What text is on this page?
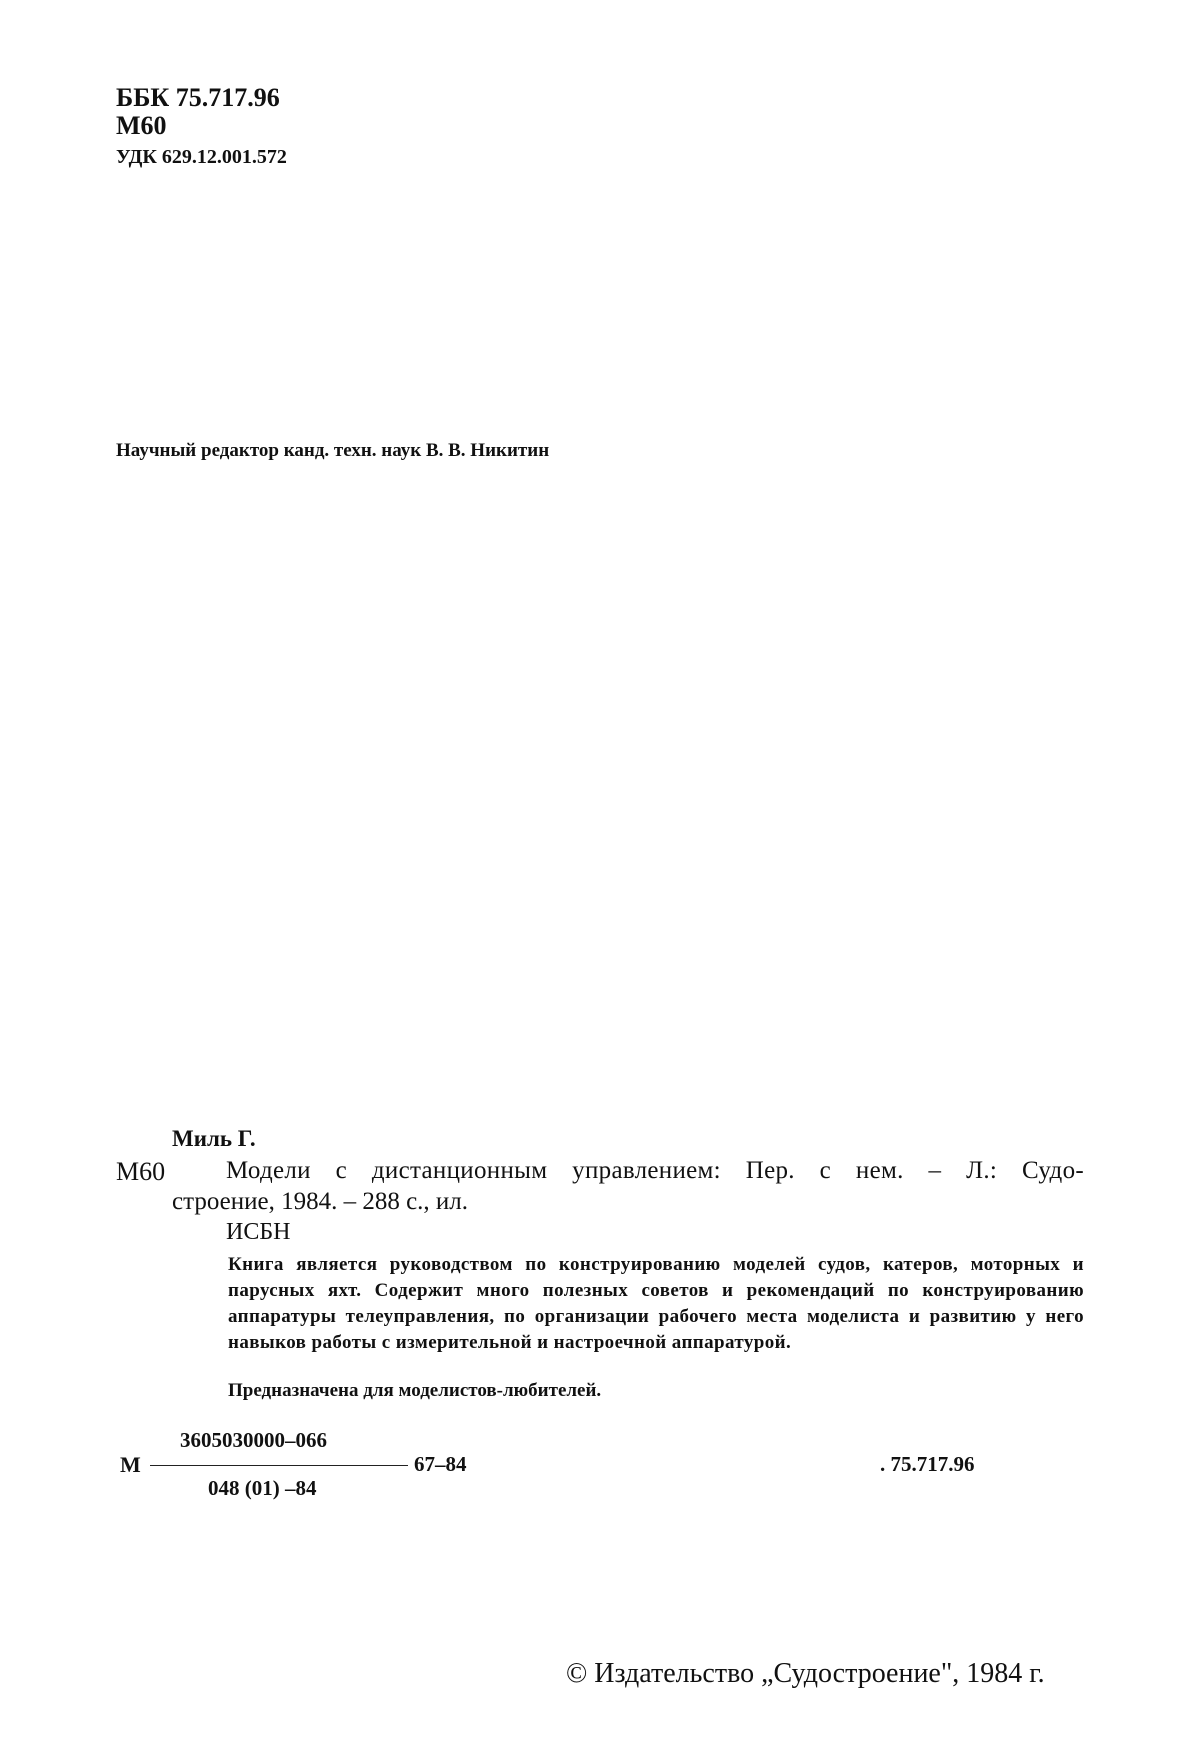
ББК 75.717.96
М60
УДК 629.12.001.572
Научный редактор канд. техн. наук В. В. Никитин
Миль Г.
М60 Модели с дистанционным управлением: Пер. с нем. – Л.: Судо-
строение, 1984. – 288 с., ил.
ИСБН
Книга является руководством по конструированию моделей судов, катеров, моторных и парусных яхт. Содержит много полезных советов и рекомендаций по конструированию аппаратуры телеуправления, по организации рабочего места моделиста и развитию у него навыков работы с измерительной и настроечной аппаратурой.
Предназначена для моделистов-любителей.
М
3605030000–066
67–84
048 (01) –84
. 75.717.96
© Издательство „Судостроение", 1984 г.
